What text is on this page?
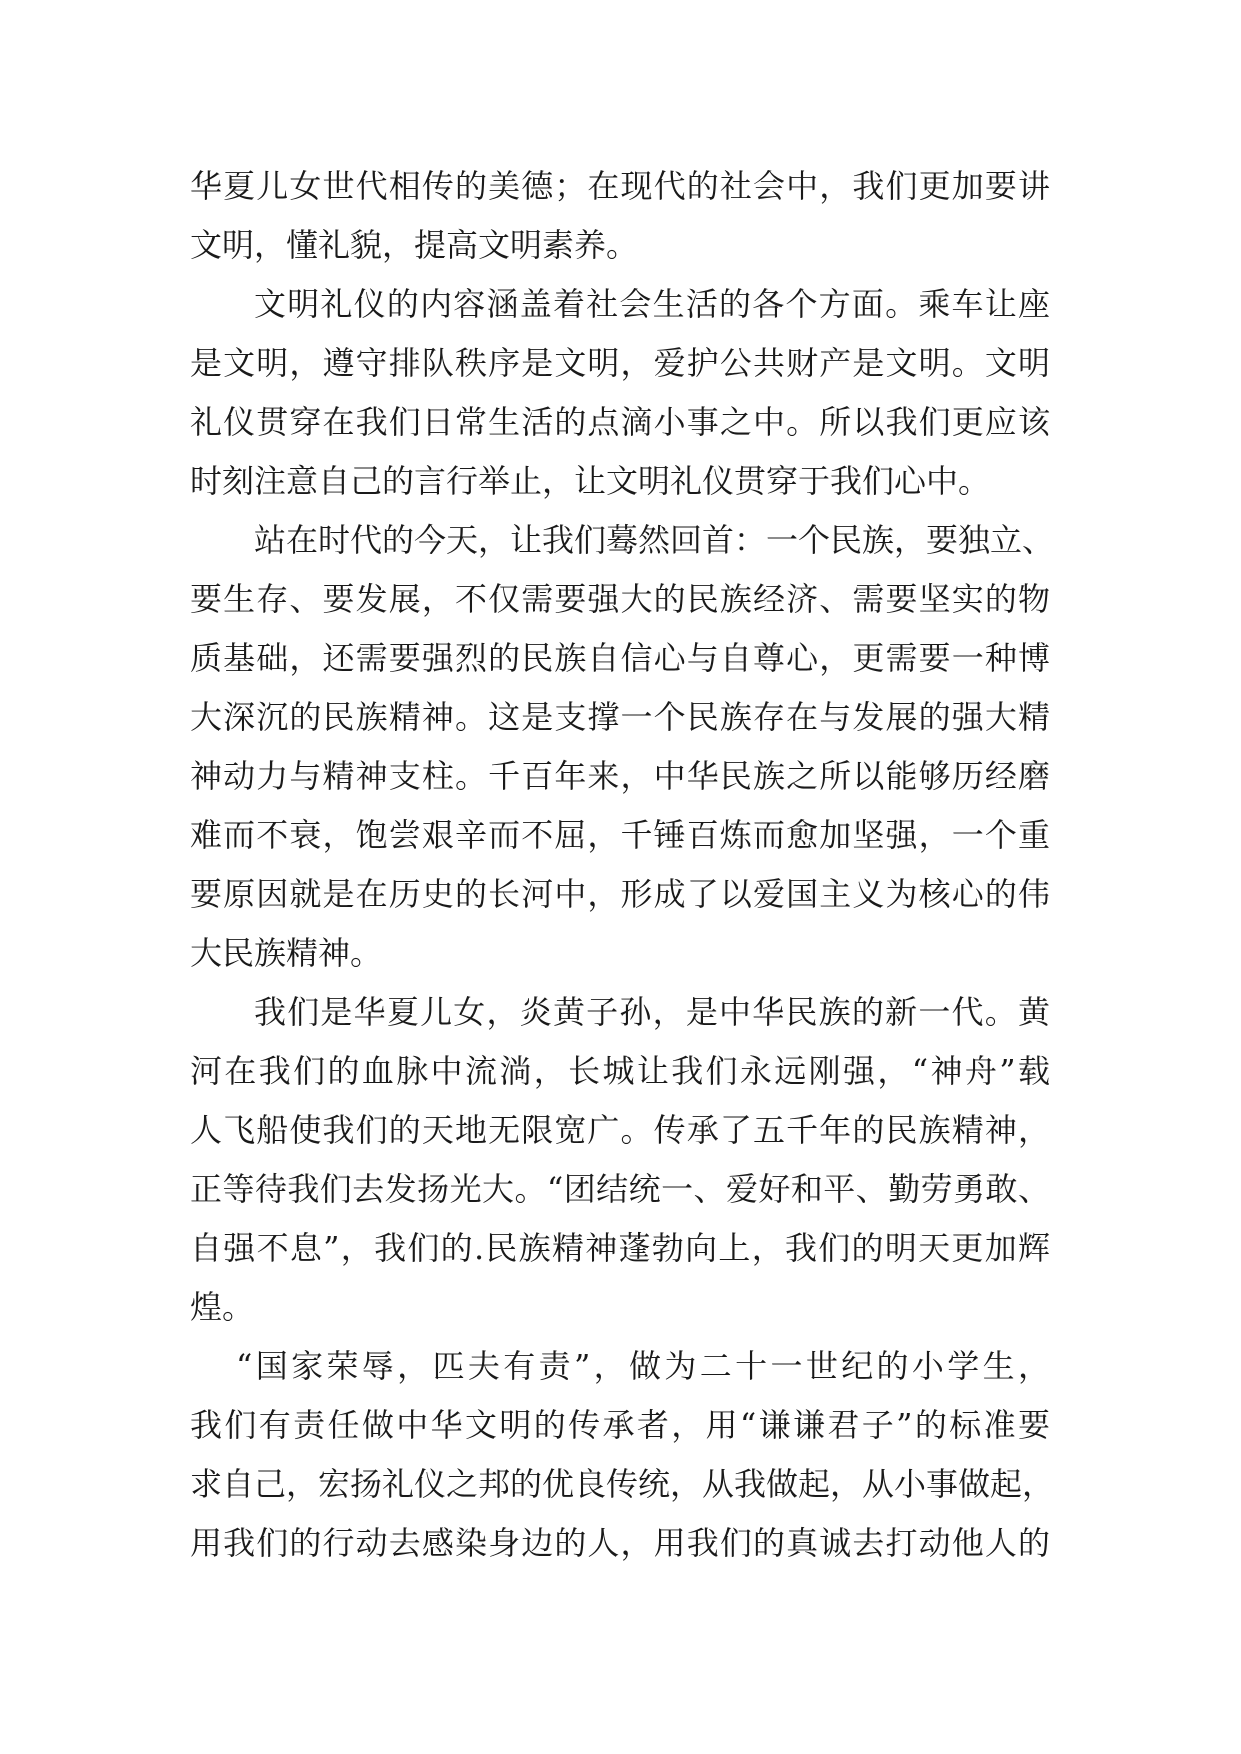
华夏儿女世代相传的美德；在现代的社会中，我们更加要讲
文明，懂礼貌，提高文明素养。
文明礼仪的内容涵盖着社会生活的各个方面。乘车让座
是文明，遵守排队秩序是文明，爱护公共财产是文明。文明
礼仪贯穿在我们日常生活的点滴小事之中。所以我们更应该
时刻注意自己的言行举止，让文明礼仪贯穿于我们心中。
站在时代的今天，让我们蓦然回首：一个民族，要独立、
要生存、要发展，不仅需要强大的民族经济、需要坚实的物
质基础，还需要强烈的民族自信心与自尊心，更需要一种博
大深沉的民族精神。这是支撑一个民族存在与发展的强大精
神动力与精神支柱。千百年来，中华民族之所以能够历经磨
难而不衰，饱尝艰辛而不屈，千锤百炼而愈加坚强，一个重
要原因就是在历史的长河中，形成了以爱国主义为核心的伟
大民族精神。
我们是华夏儿女，炎黄子孙，是中华民族的新一代。黄
河在我们的血脉中流淌，长城让我们永远刚强，“神舟”载
人飞船使我们的天地无限宽广。传承了五千年的民族精神，
正等待我们去发扬光大。“团结统一、爱好和平、勤劳勇敢、
自强不息”，我们的.民族精神蓬勃向上，我们的明天更加辉
煌。
“国家荣辱，匹夫有责”，做为二十一世纪的小学生，
我们有责任做中华文明的传承者，用“谦谦君子”的标准要
求自己，宏扬礼仪之邦的优良传统，从我做起，从小事做起，
用我们的行动去感染身边的人，用我们的真诚去打动他人的
